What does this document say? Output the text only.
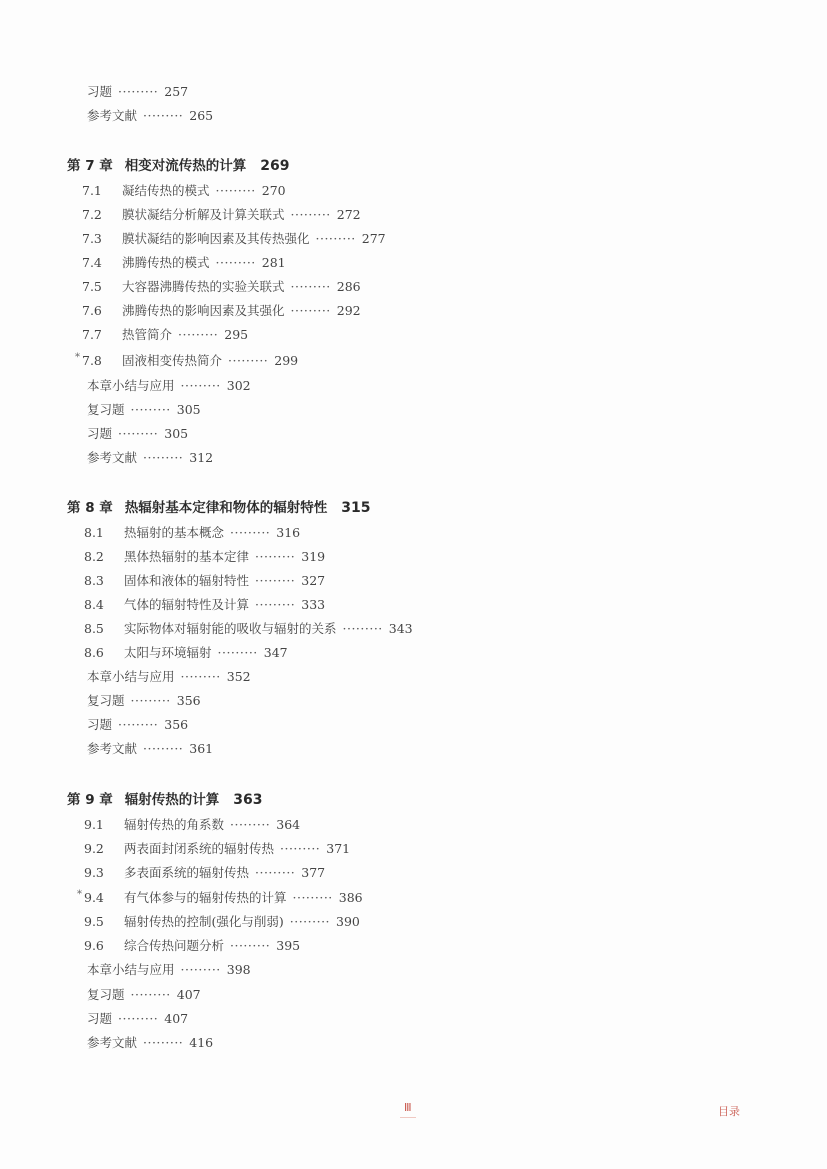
习题 ········· 257
参考文献 ········· 265
第 7 章 相变对流传热的计算 269
7.1 凝结传热的模式 ········· 270
7.2 膜状凝结分析解及计算关联式 ········· 272
7.3 膜状凝结的影响因素及其传热强化 ········· 277
7.4 沸腾传热的模式 ········· 281
7.5 大容器沸腾传热的实验关联式 ········· 286
7.6 沸腾传热的影响因素及其强化 ········· 292
7.7 热管简介 ········· 295
* 7.8 固液相变传热简介 ········· 299
本章小结与应用 ········· 302
复习题 ········· 305
习题 ········· 305
参考文献 ········· 312
第 8 章 热辐射基本定律和物体的辐射特性 315
8.1 热辐射的基本概念 ········· 316
8.2 黑体热辐射的基本定律 ········· 319
8.3 固体和液体的辐射特性 ········· 327
8.4 气体的辐射特性及计算 ········· 333
8.5 实际物体对辐射能的吸收与辐射的关系 ········· 343
8.6 太阳与环境辐射 ········· 347
本章小结与应用 ········· 352
复习题 ········· 356
习题 ········· 356
参考文献 ········· 361
第 9 章 辐射传热的计算 363
9.1 辐射传热的角系数 ········· 364
9.2 两表面封闭系统的辐射传热 ········· 371
9.3 多表面系统的辐射传热 ········· 377
* 9.4 有气体参与的辐射传热的计算 ········· 386
9.5 辐射传热的控制(强化与削弱) ········· 390
9.6 综合传热问题分析 ········· 395
本章小结与应用 ········· 398
复习题 ········· 407
习题 ········· 407
参考文献 ········· 416
Ⅲ	目录
